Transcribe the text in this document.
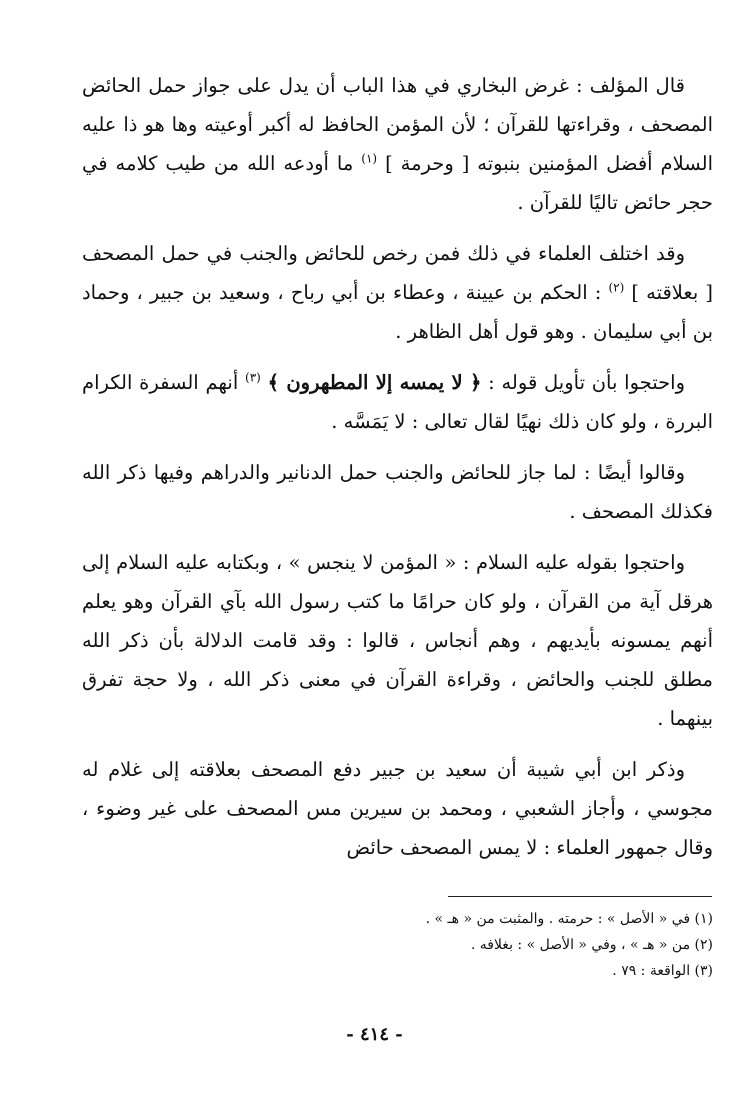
قال المؤلف : غرض البخاري في هذا الباب أن يدل على جواز حمل الحائض المصحف ، وقراءتها للقرآن ؛ لأن المؤمن الحافظ له أكبر أوعيته وها هو ذا عليه السلام أفضل المؤمنين بنبوته [ وحرمة ] $^{(١)}$ ما أودعه الله من طيب كلامه في حجر حائض تاليًا للقرآن .

وقد اختلف العلماء في ذلك فمن رخص للحائض والجنب في حمل المصحف [ بعلاقته ] $^{(٢)}$ : الحكم بن عيينة ، وعطاء بن أبي رباح ، وسعيد بن جبير ، وحماد بن أبي سليمان . وهو قول أهل الظاهر .

واحتجوا بأن تأويل قوله : ﴿ لا يمسه إلا المطهرون ﴾ $^{(٣)}$ أنهم السفرة الكرام البررة ، ولو كان ذلك نهيًا لقال تعالى : لا يَمَسَّه .

وقالوا أيضًا : لما جاز للحائض والجنب حمل الدنانير والدراهم وفيها ذكر الله فكذلك المصحف .

واحتجوا بقوله عليه السلام : « المؤمن لا ينجس » ، وبكتابه عليه السلام إلى هرقل آية من القرآن ، ولو كان حرامًا ما كتب رسول الله بآي القرآن وهو يعلم أنهم يمسونه بأيديهم ، وهم أنجاس ، قالوا : وقد قامت الدلالة بأن ذكر الله مطلق للجنب والحائض ، وقراءة القرآن في معنى ذكر الله ، ولا حجة تفرق بينهما .

وذكر ابن أبي شيبة أن سعيد بن جبير دفع المصحف بعلاقته إلى غلام له مجوسي ، وأجاز الشعبي ، ومحمد بن سيرين مس المصحف على غير وضوء ، وقال جمهور العلماء : لا يمس المصحف حائض

(١) في « الأصل » : حرمته . والمثبت من « هـ » .

(٢) من « هـ » ، وفي « الأصل » : بغلافه .

(٣) الواقعة : ٧٩ .

- ٤١٤ -
